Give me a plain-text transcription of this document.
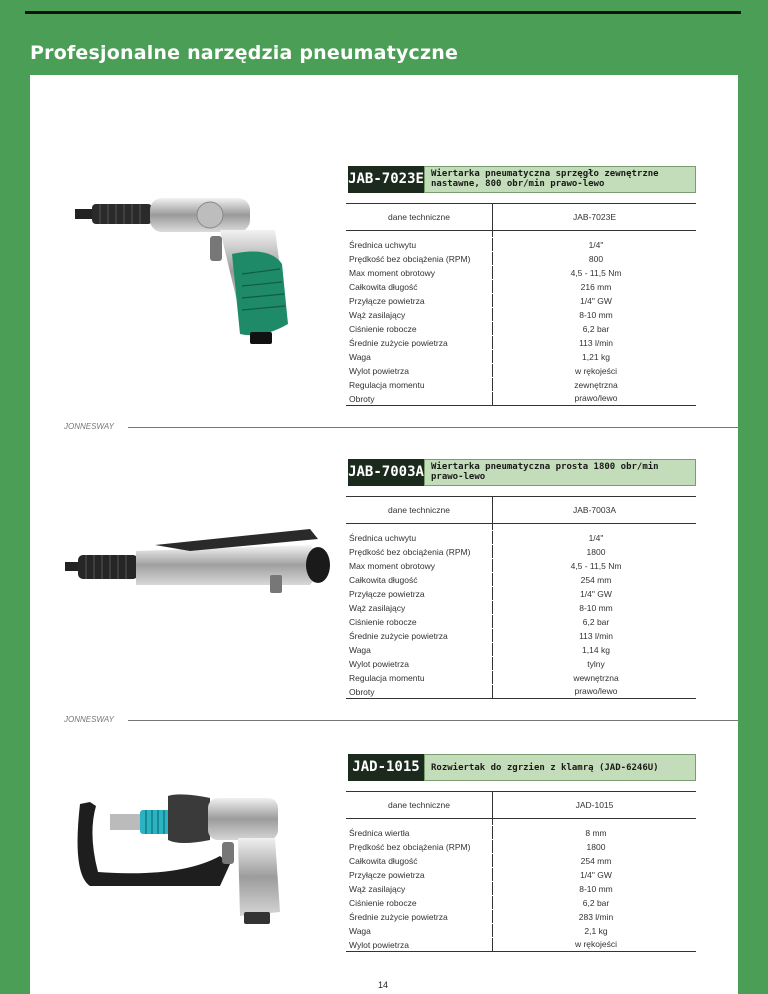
Profesjonalne narzędzia pneumatyczne
JAB-7023E Wiertarka pneumatyczna sprzęgło zewnętrzne nastawne, 800 obr/min prawo-lewo
dane techniczne	JAB-7023E

Średnica uchwytu	1/4"
Prędkość bez obciążenia (RPM)	800
Max moment obrotowy	4,5 - 11,5 Nm
Całkowita długość	216 mm
Przyłącze powietrza	1/4" GW
Wąż zasilający	8-10 mm
Ciśnienie robocze	6,2 bar
Średnie zużycie powietrza	113 l/min
Waga	1,21 kg
Wylot powietrza	w rękojeści
Regulacja momentu	zewnętrzna
Obroty	prawo/lewo
JONNESWAY
JAB-7003A Wiertarka pneumatyczna prosta 1800 obr/min prawo-lewo
dane techniczne	JAB-7003A

Średnica uchwytu	1/4"
Prędkość bez obciążenia (RPM)	1800
Max moment obrotowy	4,5 - 11,5 Nm
Całkowita długość	254 mm
Przyłącze powietrza	1/4" GW
Wąż zasilający	8-10 mm
Ciśnienie robocze	6,2 bar
Średnie zużycie powietrza	113 l/min
Waga	1,14 kg
Wylot powietrza	tylny
Regulacja momentu	wewnętrzna
Obroty	prawo/lewo
JONNESWAY
JAD-1015	Rozwiertak do zgrzien z klamrą (JAD-6246U)
dane techniczne	JAD-1015

Średnica wiertła	8 mm
Prędkość bez obciążenia (RPM)	1800
Całkowita długość	254 mm
Przyłącze powietrza	1/4" GW
Wąż zasilający	8-10 mm
Ciśnienie robocze	6,2 bar
Średnie zużycie powietrza	283 l/min
Waga	2,1 kg
Wylot powietrza	w rękojeści
14
